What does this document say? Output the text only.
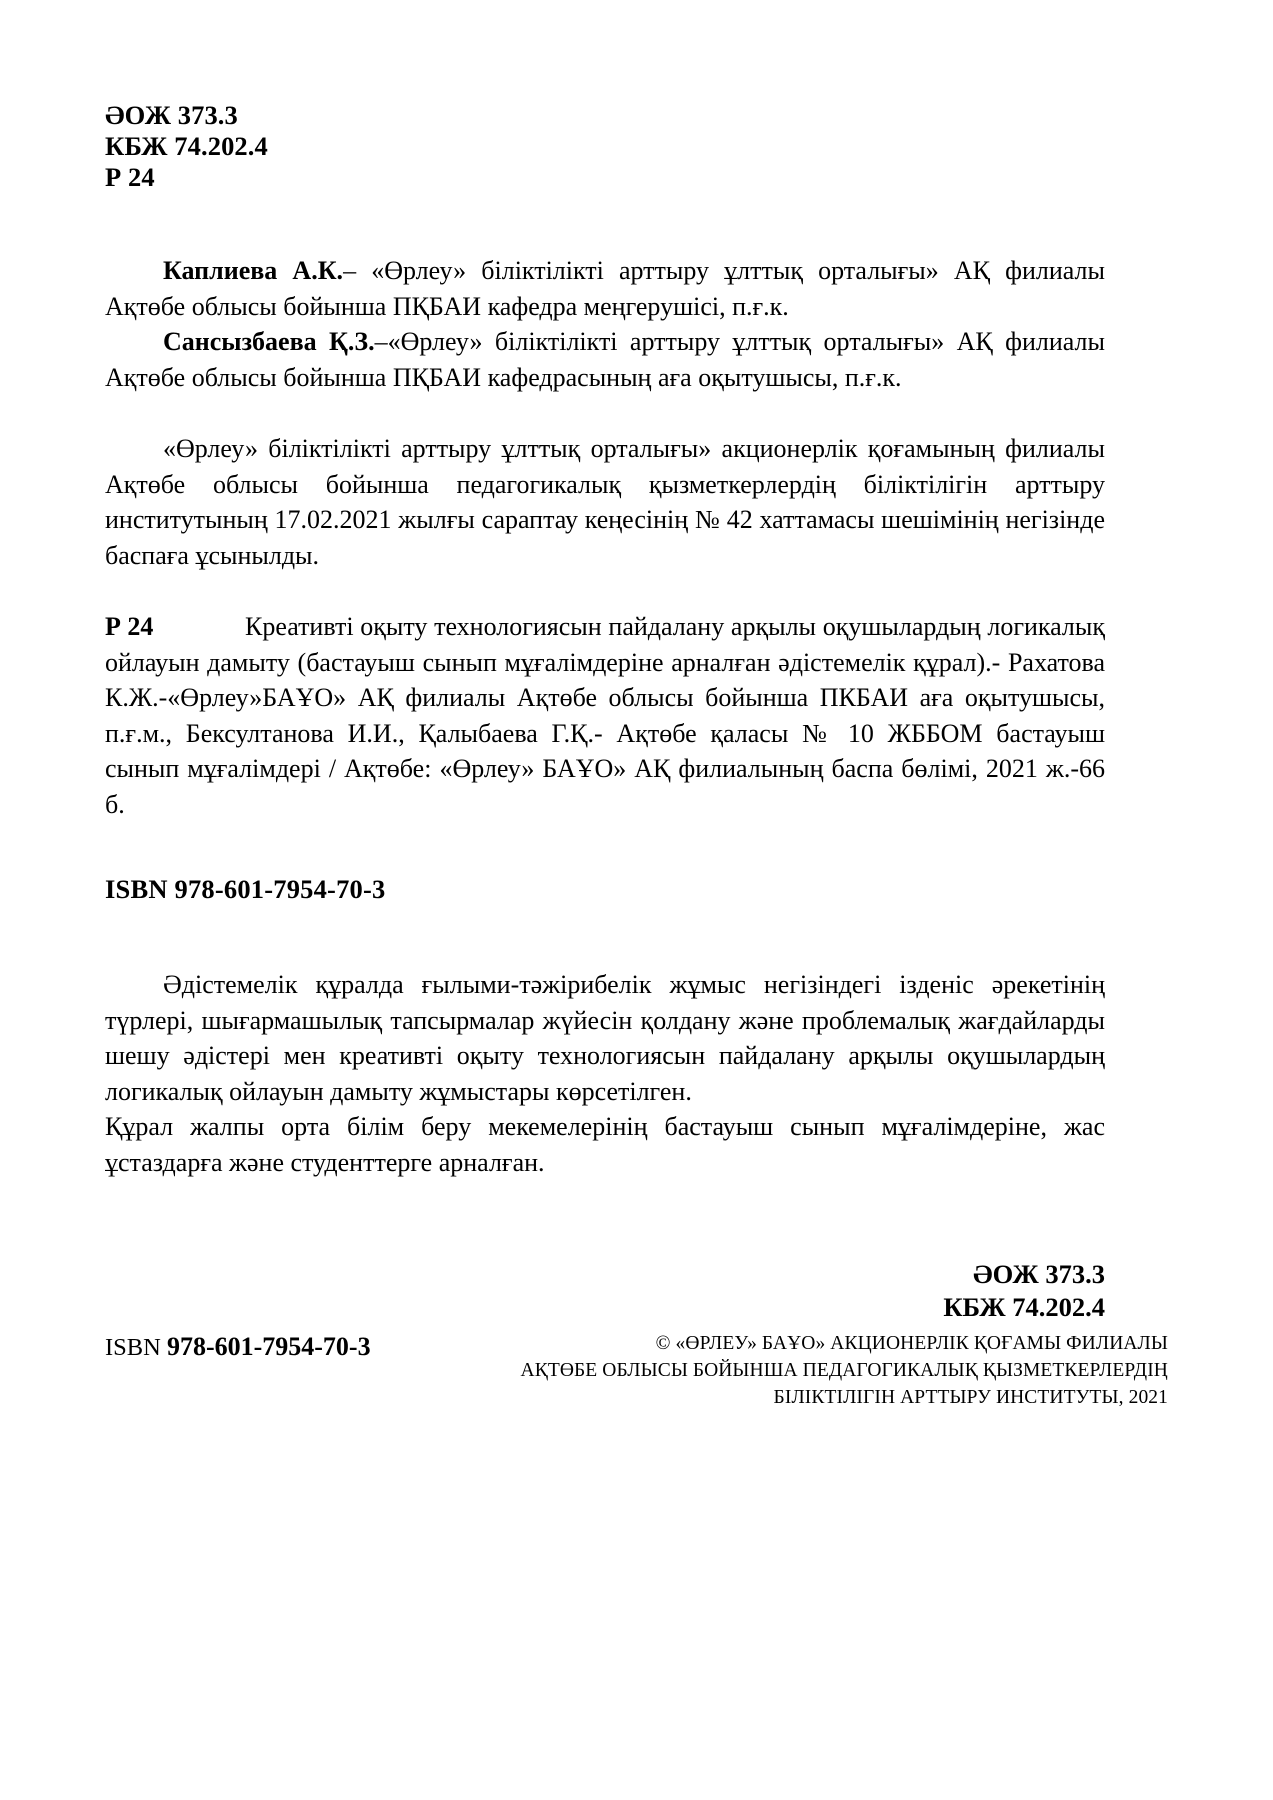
ӘОЖ 373.3
КБЖ 74.202.4
Р 24

Каплиева А.К.– «Өрлеу» біліктілікті арттыру ұлттық орталығы» АҚ филиалы Ақтөбе облысы бойынша ПҚБАИ кафедра меңгерушісі, п.ғ.к.

Сансызбаева Қ.З.–«Өрлеу» біліктілікті арттыру ұлттық орталығы» АҚ филиалы Ақтөбе облысы бойынша ПҚБАИ кафедрасының аға оқытушысы, п.ғ.к.

«Өрлеу» біліктілікті арттыру ұлттық орталығы» акционерлік қоғамының филиалы Ақтөбе облысы бойынша педагогикалық қызметкерлердің біліктілігін арттыру институтының 17.02.2021 жылғы сараптау кеңесінің № 42 хаттамасы шешімінің негізінде баспаға ұсынылды.

Р 24	Креативті оқыту технологиясын пайдалану арқылы оқушылардың логикалық ойлауын дамыту (бастауыш сынып мұғалімдеріне арналған әдістемелік құрал).- Рахатова К.Ж.-«Өрлеу»БАҰО» АҚ филиалы Ақтөбе облысы бойынша ПКБАИ аға оқытушысы, п.ғ.м., Бексултанова И.И., Қалыбаева Г.Қ.- Ақтөбе қаласы № 10 ЖББОМ бастауыш сынып мұғалімдері / Ақтөбе: «Өрлеу» БАҰО» АҚ филиалының баспа бөлімі, 2021 ж.-66 б.

ISBN 978-601-7954-70-3

Әдістемелік құралда ғылыми-тәжірибелік жұмыс негізіндегі ізденіс әрекетінің түрлері, шығармашылық тапсырмалар жүйесін қолдану және проблемалық жағдайларды шешу әдістері мен креативті оқыту технологиясын пайдалану арқылы оқушылардың логикалық ойлауын дамыту жұмыстары көрсетілген.

Құрал жалпы орта білім беру мекемелерінің бастауыш сынып мұғалімдеріне, жас ұстаздарға және студенттерге арналған.

ӘОЖ 373.3
КБЖ 74.202.4
ISBN 978-601-7954-70-3	© «ӨРЛЕУ» БАҰО» АКЦИОНЕРЛІК ҚОҒАМЫ ФИЛИАЛЫ
АҚТӨБЕ ОБЛЫСЫ БОЙЫНША ПЕДАГОГИКАЛЫҚ ҚЫЗМЕТКЕРЛЕРДІҢ
БІЛІКТІЛІГІН АРТТЫРУ ИНСТИТУТЫ, 2021
